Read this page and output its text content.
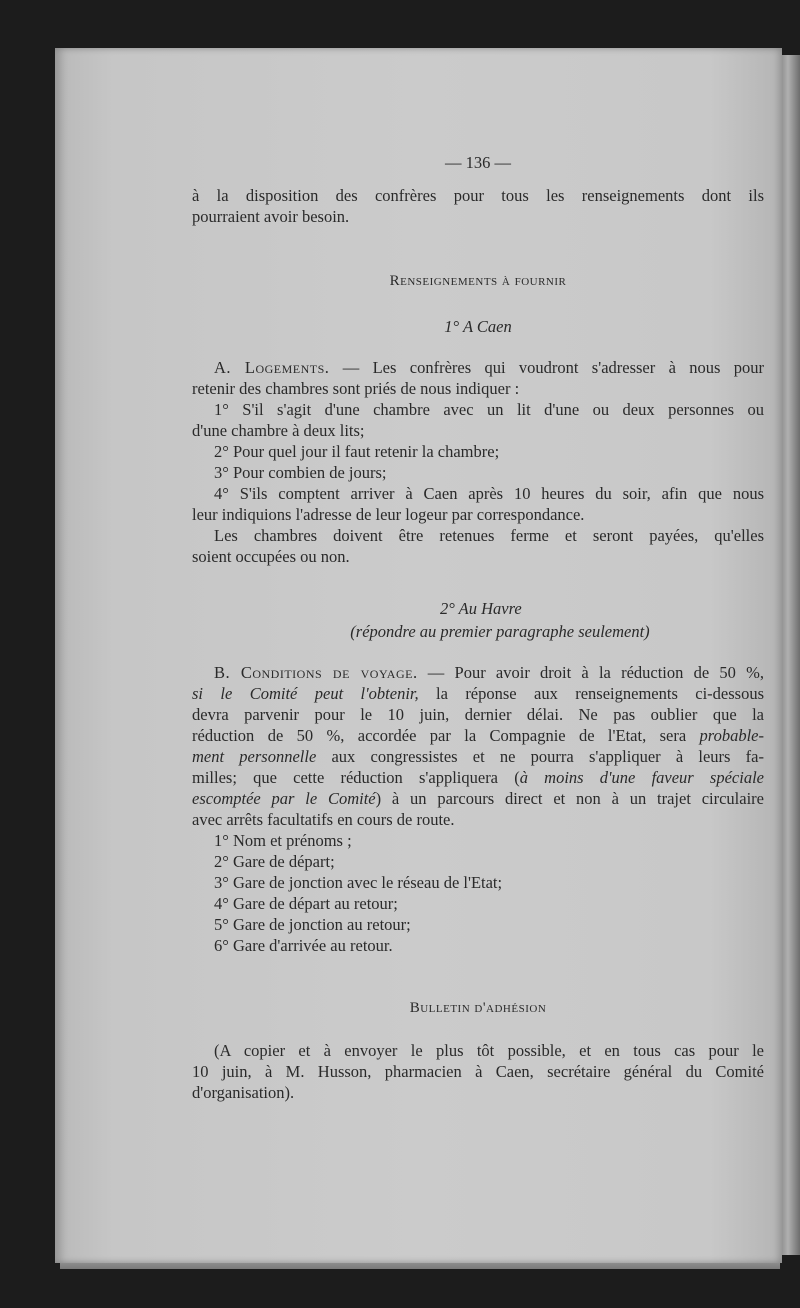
— 136 —
à la disposition des confrères pour tous les renseignements dont ils
pourraient avoir besoin.
Renseignements à fournir
1° A Caen
A. Logements. — Les confrères qui voudront s'adresser à nous pour
retenir des chambres sont priés de nous indiquer :
1° S'il s'agit d'une chambre avec un lit d'une ou deux personnes ou
d'une chambre à deux lits;
2° Pour quel jour il faut retenir la chambre;
3° Pour combien de jours;
4° S'ils comptent arriver à Caen après 10 heures du soir, afin que nous
leur indiquions l'adresse de leur logeur par correspondance.
Les chambres doivent être retenues ferme et seront payées, qu'elles
soient occupées ou non.
2° Au Havre
(répondre au premier paragraphe seulement)
B. Conditions de voyage. — Pour avoir droit à la réduction de 50 %,
si le Comité peut l'obtenir, la réponse aux renseignements ci-dessous
devra parvenir pour le 10 juin, dernier délai. Ne pas oublier que la
réduction de 50 %, accordée par la Compagnie de l'Etat, sera probable-
ment personnelle aux congressistes et ne pourra s'appliquer à leurs fa-
milles; que cette réduction s'appliquera (à moins d'une faveur spéciale
escomptée par le Comité) à un parcours direct et non à un trajet circulaire
avec arrêts facultatifs en cours de route.
1° Nom et prénoms ;
2° Gare de départ;
3° Gare de jonction avec le réseau de l'Etat;
4° Gare de départ au retour;
5° Gare de jonction au retour;
6° Gare d'arrivée au retour.
Bulletin d'adhésion
(A copier et à envoyer le plus tôt possible, et en tous cas pour le
10 juin, à M. Husson, pharmacien à Caen, secrétaire général du Comité
d'organisation).
